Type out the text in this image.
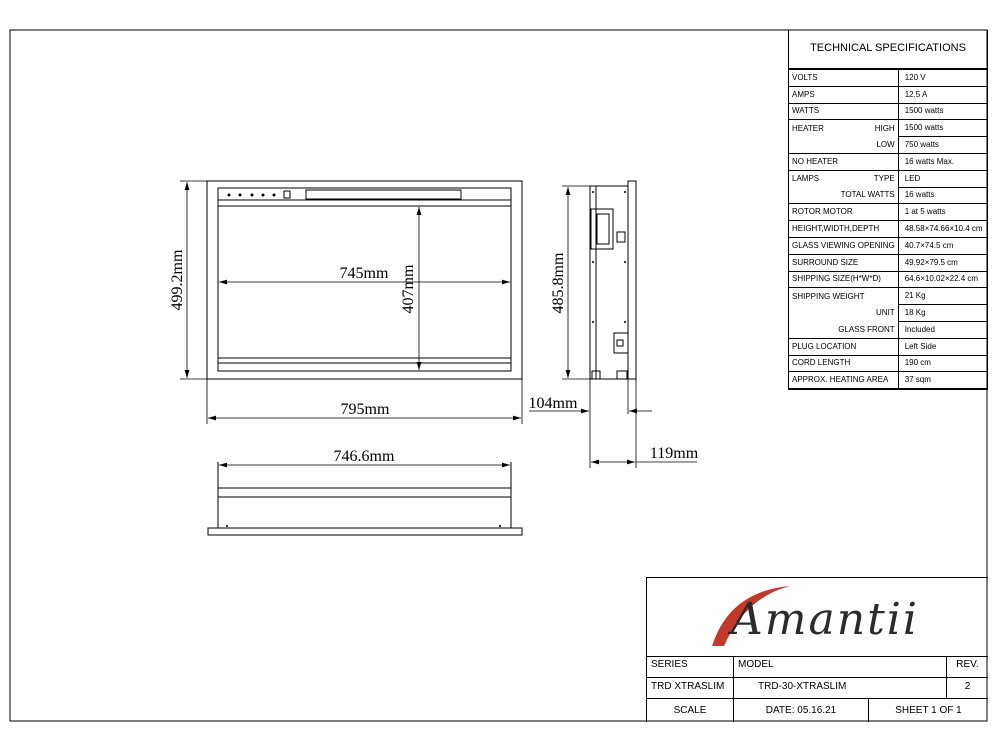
499.2mm
795mm
745mm 407mm	485.8mm
104mm
119mm
746.6mm
TECHNICAL SPECIFICATIONS
VOLTS	120 V
AMPS	12.5 A
WATTS	1500 watts
HEATER HIGH	1500 watts

LOW	750 watts
NO HEATER	16 watts Max.
LAMPS TYPE	LED

TOTAL WATTS	16 watts
ROTOR MOTOR	1 at 5 watts
HEIGHT,WIDTH,DEPTH	48.58×74.66×10.4 cm
GLASS VIEWING OPENING	40.7×74.5 cm
SURROUND SIZE	49.92×79.5 cm
SHIPPING SIZE(H*W*D)	64.6×10.02×22.4 cm
SHIPPING WEIGHT	21 Kg

UNIT	18 Kg

GLASS FRONT	Included
PLUG LOCATION	Left Side
CORD LENGTH	190 cm
APPROX. HEATING AREA	37 sqm
Amantii
SERIES	MODEL	REV.
TRD XTRASLIM	TRD-30-XTRASLIM	2
SCALE	DATE: 05.16.21	SHEET 1 OF 1
